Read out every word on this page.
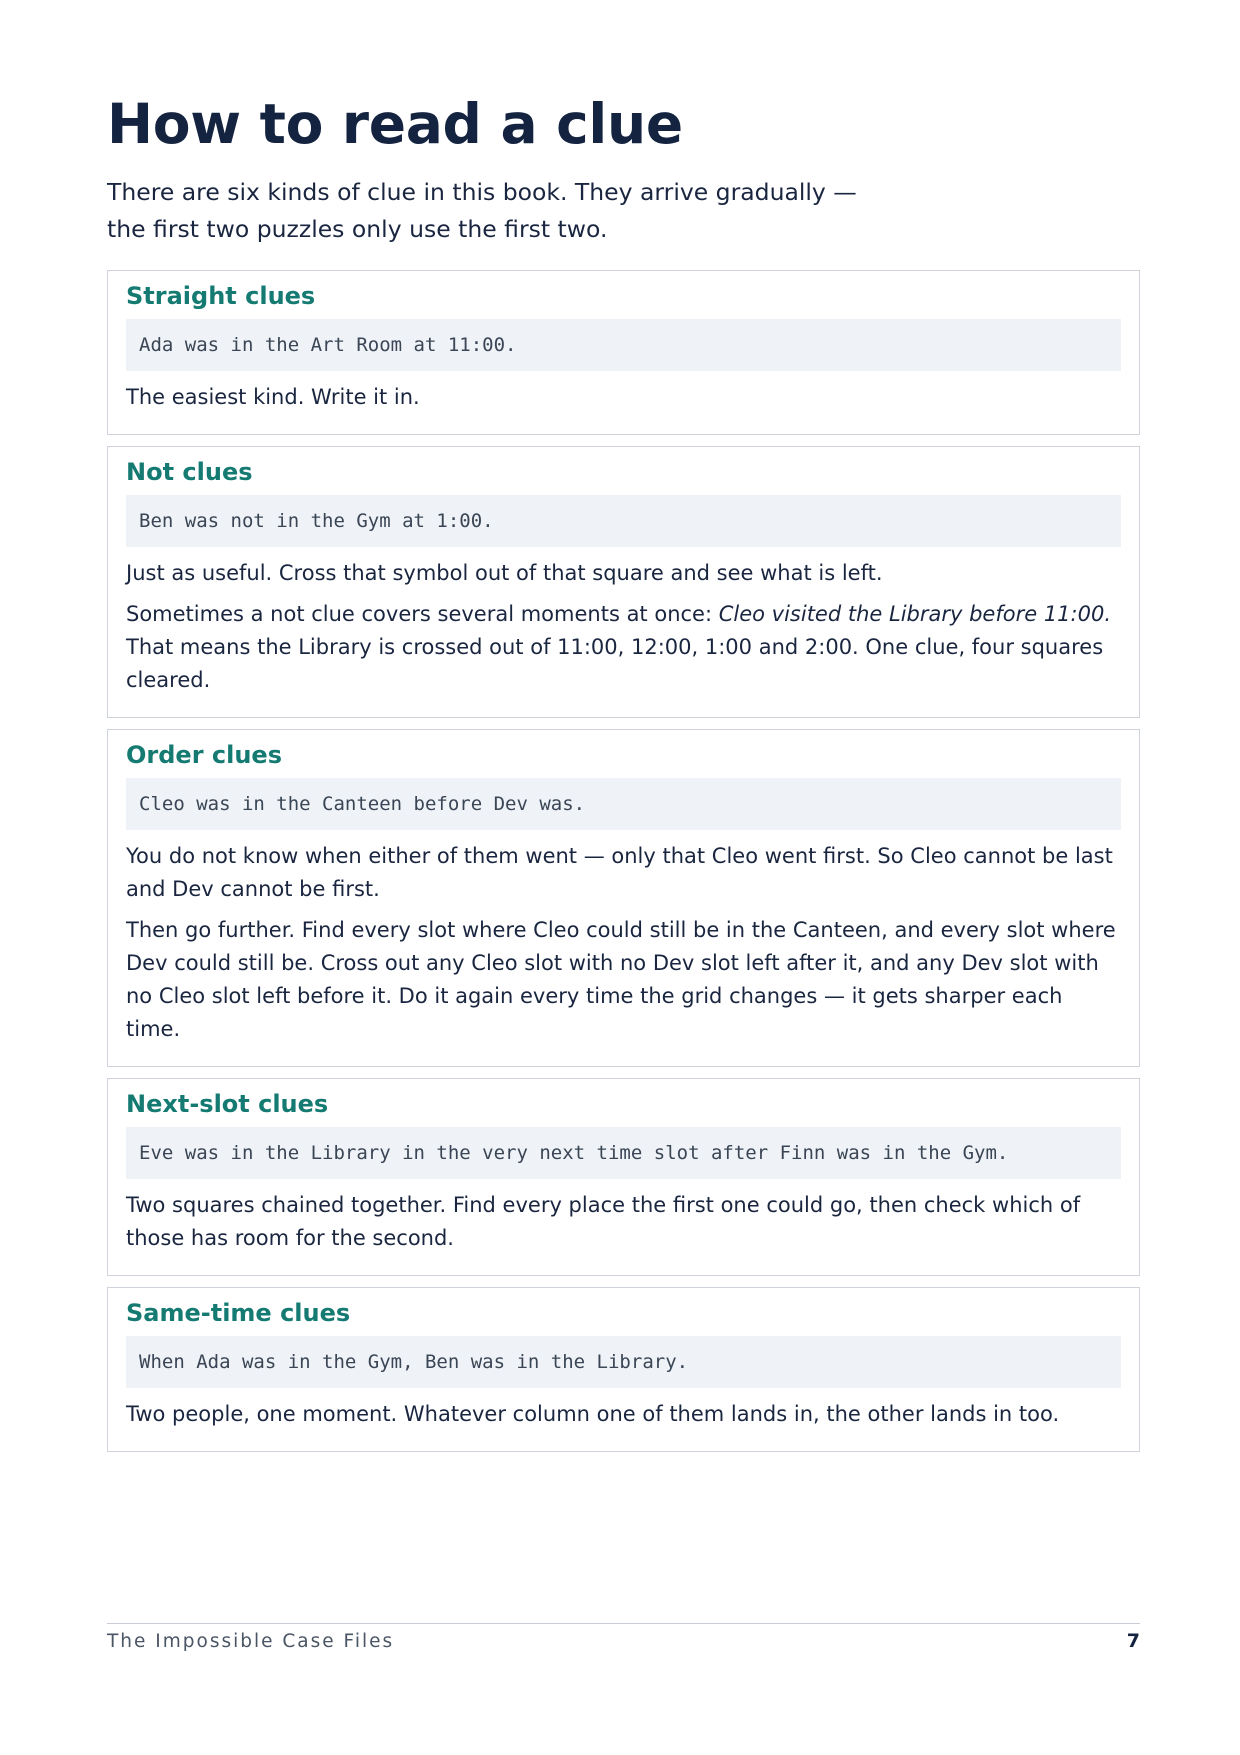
How to read a clue
There are six kinds of clue in this book. They arrive gradually —
the first two puzzles only use the first two.
Straight clues
Ada was in the Art Room at 11:00.

The easiest kind. Write it in.

Not clues
Ben was not in the Gym at 1:00.

Just as useful. Cross that symbol out of that square and see what is left.

Sometimes a not clue covers several moments at once: Cleo visited the Library before 11:00. That means the Library is crossed out of 11:00, 12:00, 1:00 and 2:00. One clue, four squares cleared.

Order clues
Cleo was in the Canteen before Dev was.

You do not know when either of them went — only that Cleo went first. So Cleo cannot be last and Dev cannot be first.

Then go further. Find every slot where Cleo could still be in the Canteen, and every slot where Dev could still be. Cross out any Cleo slot with no Dev slot left after it, and any Dev slot with no Cleo slot left before it. Do it again every time the grid changes — it gets sharper each time.

Next-slot clues
Eve was in the Library in the very next time slot after Finn was in the Gym.

Two squares chained together. Find every place the first one could go, then check which of those has room for the second.

Same-time clues
When Ada was in the Gym, Ben was in the Library.

Two people, one moment. Whatever column one of them lands in, the other lands in too.

The Impossible Case Files	7
